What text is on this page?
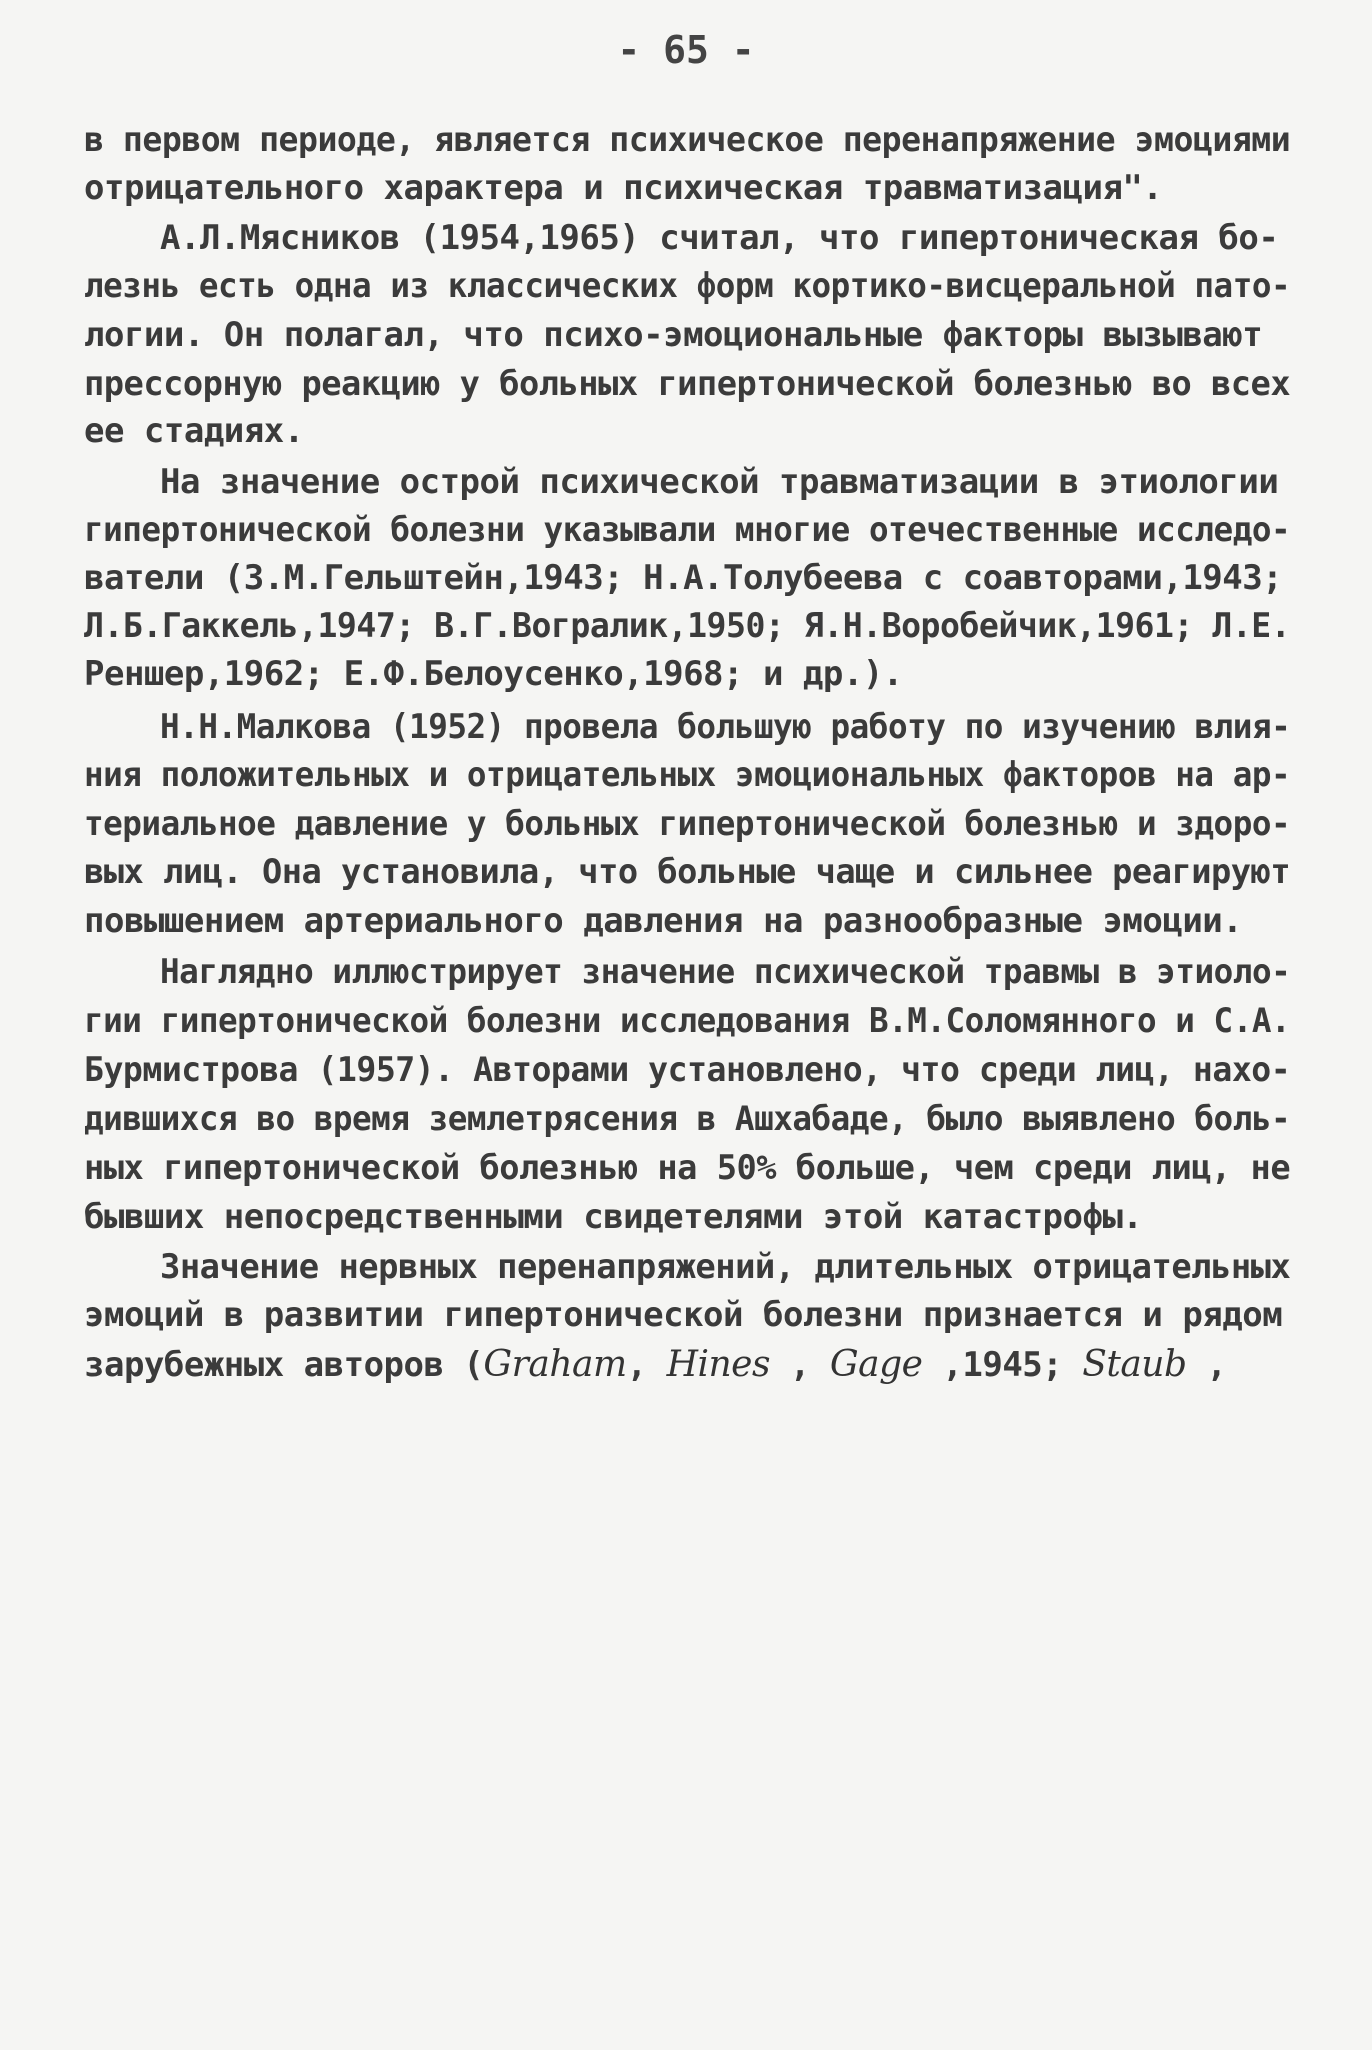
- 65 -
в первом периоде, является психическое перенапряжение эмоциями
отрицательного характера и психическая травматизация".
А.Л.Мясников (1954,1965) считал, что гипертоническая бо-
лезнь есть одна из классических форм кортико-висцеральной пато-
логии. Он полагал, что психо-эмоциональные факторы вызывают
прессорную реакцию у больных гипертонической болезнью во всех
ее стадиях.
На значение острой психической травматизации в этиологии
гипертонической болезни указывали многие отечественные исследо-
ватели (З.М.Гельштейн,1943; Н.А.Толубеева с соавторами,1943;
Л.Б.Гаккель,1947; В.Г.Вогралик,1950; Я.Н.Воробейчик,1961; Л.Е.
Реншер,1962; Е.Ф.Белоусенко,1968; и др.).
Н.Н.Малкова (1952) провела большую работу по изучению влия-
ния положительных и отрицательных эмоциональных факторов на ар-
териальное давление у больных гипертонической болезнью и здоро-
вых лиц. Она установила, что больные чаще и сильнее реагируют
повышением артериального давления на разнообразные эмоции.
Наглядно иллюстрирует значение психической травмы в этиоло-
гии гипертонической болезни исследования В.М.Соломянного и С.А.
Бурмистрова (1957). Авторами установлено, что среди лиц, нахо-
дившихся во время землетрясения в Ашхабаде, было выявлено боль-
ных гипертонической болезнью на 50% больше, чем среди лиц, не
бывших непосредственными свидетелями этой катастрофы.
Значение нервных перенапряжений, длительных отрицательных
эмоций в развитии гипертонической болезни признается и рядом
зарубежных авторов (Graham, Hines , Gage ,1945; Staub ,
